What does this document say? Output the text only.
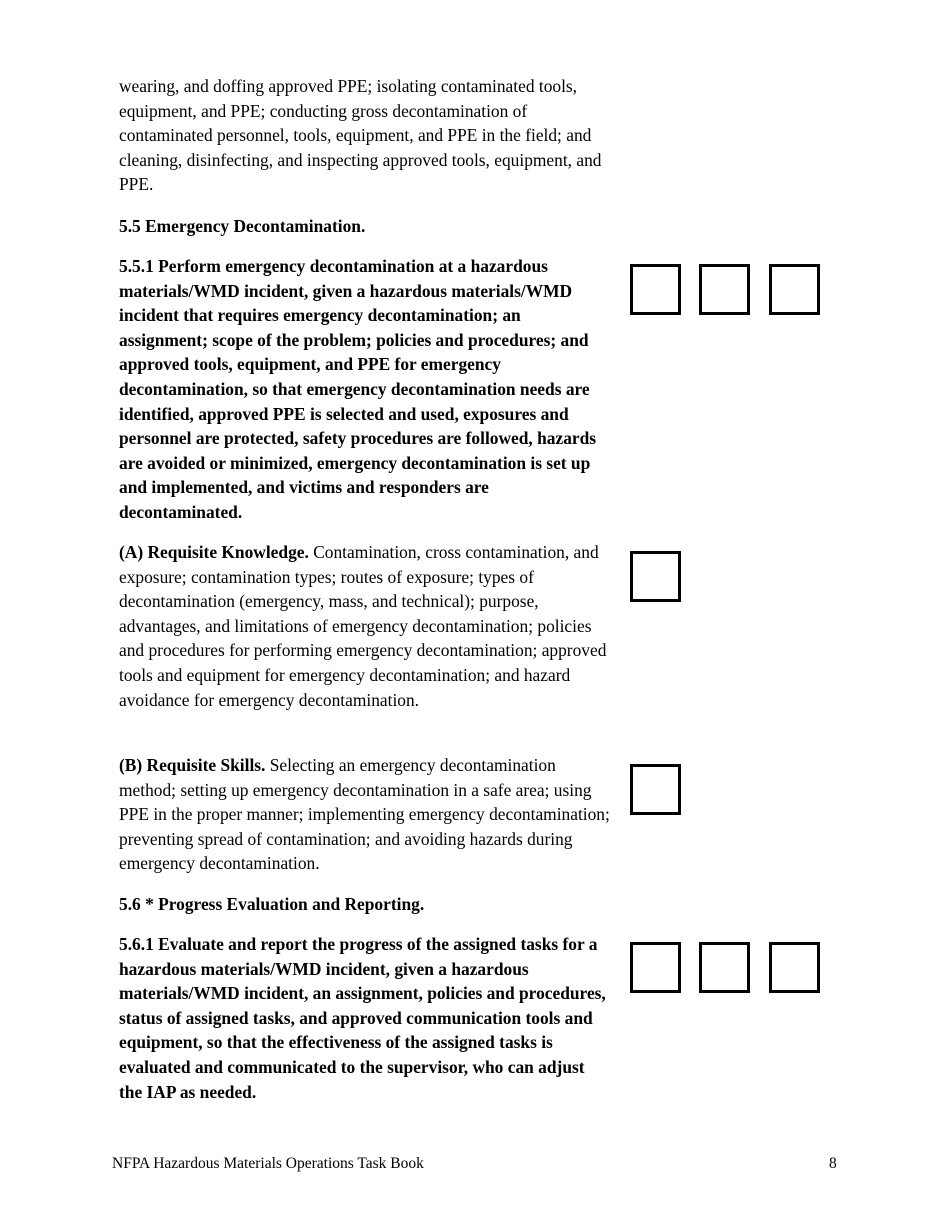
wearing, and doffing approved PPE; isolating contaminated tools, equipment, and PPE; conducting gross decontamination of contaminated personnel, tools, equipment, and PPE in the field; and cleaning, disinfecting, and inspecting approved tools, equipment, and PPE.

5.5 Emergency Decontamination.

5.5.1 Perform emergency decontamination at a hazardous materials/WMD incident, given a hazardous materials/WMD incident that requires emergency decontamination; an assignment; scope of the problem; policies and procedures; and approved tools, equipment, and PPE for emergency decontamination, so that emergency decontamination needs are identified, approved PPE is selected and used, exposures and personnel are protected, safety procedures are followed, hazards are avoided or minimized, emergency decontamination is set up and implemented, and victims and responders are decontaminated.

(A) Requisite Knowledge. Contamination, cross contamination, and exposure; contamination types; routes of exposure; types of decontamination (emergency, mass, and technical); purpose, advantages, and limitations of emergency decontamination; policies and procedures for performing emergency decontamination; approved tools and equipment for emergency decontamination; and hazard avoidance for emergency decontamination.

(B) Requisite Skills. Selecting an emergency decontamination method; setting up emergency decontamination in a safe area; using PPE in the proper manner; implementing emergency decontamination; preventing spread of contamination; and avoiding hazards during emergency decontamination.

5.6 * Progress Evaluation and Reporting.

5.6.1 Evaluate and report the progress of the assigned tasks for a hazardous materials/WMD incident, given a hazardous materials/WMD incident, an assignment, policies and procedures, status of assigned tasks, and approved communication tools and equipment, so that the effectiveness of the assigned tasks is evaluated and communicated to the supervisor, who can adjust the IAP as needed.

NFPA Hazardous Materials Operations Task Book	8
